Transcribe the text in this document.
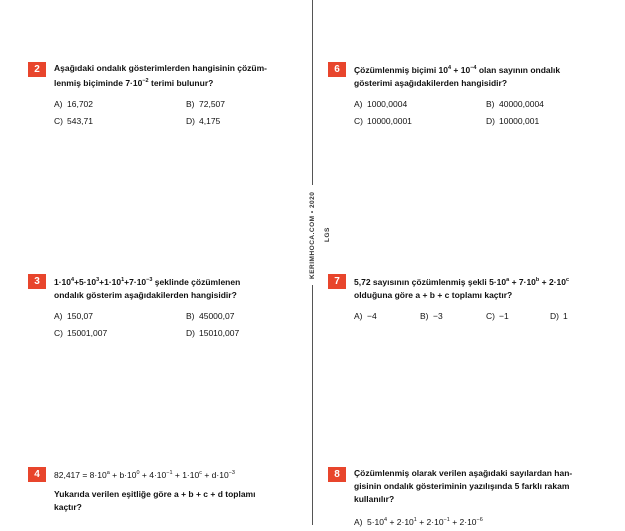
KERIMHOCA.COM • 2020 LGS
2	Aşağıdaki ondalık gösterimlerden hangisinin çözüm-
lenmiş biçiminde $7\cdot 10^{-2}$ terimi bulunur?

A) 16,702	B) 72,507
C) 543,71	D) 4,175
3	$1\cdot 10^4+5\cdot 10^3+1\cdot 10^1+7\cdot 10^{-3}$ şeklinde çözümlenen
ondalık gösterim aşağıdakilerden hangisidir?

A) 150,07	B) 45000,07
C) 15001,007	D) 15010,007
4	$82,417 = 8\cdot 10^a + b\cdot 10^0 + 4\cdot 10^{-1} + 1\cdot 10^c + d\cdot 10^{-3}$

Yukarıda verilen eşitliğe göre a + b + c + d toplamı
kaçtır?

6	Çözümlenmiş biçimi $10^4 + 10^{-4}$ olan sayının ondalık
gösterimi aşağıdakilerden hangisidir?

A) 1000,0004	B) 40000,0004
C) 10000,0001	D) 10000,001
7	5,72 sayısının çözümlenmiş şekli $5\cdot 10^a + 7\cdot 10^b + 2\cdot 10^c$
olduğuna göre a + b + c toplamı kaçtır?

A) −4	B) −3	C) −1	D) 1
8	Çözümlenmiş olarak verilen aşağıdaki sayılardan han-
gisinin ondalık gösteriminin yazılışında 5 farklı rakam
kullanılır?

A) $5\cdot 10^4 + 2\cdot 10^1 + 2\cdot 10^{-1} + 2\cdot 10^{-6}$
